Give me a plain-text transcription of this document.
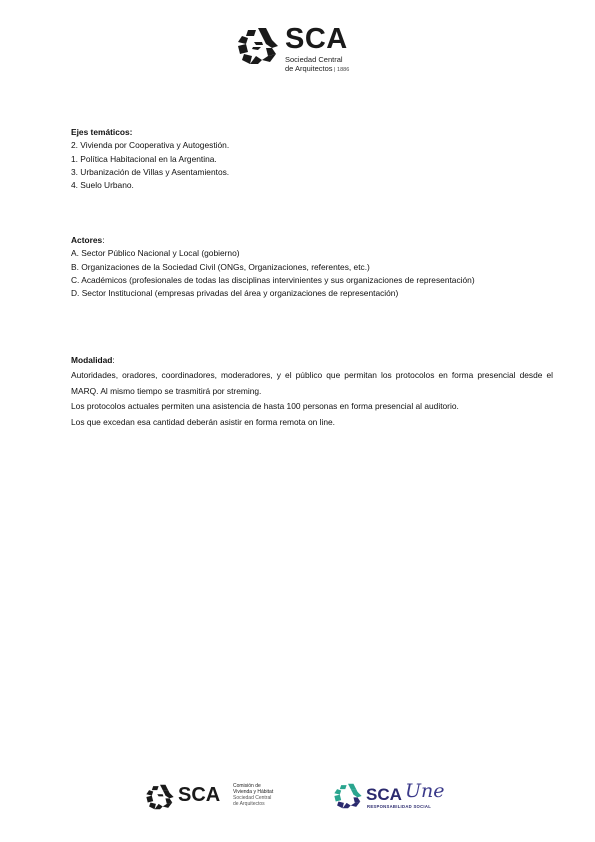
SCA
Sociedad Central
de Arquitectos | 1886
Ejes temáticos:
2. Vivienda por Cooperativa y Autogestión.
1. Política Habitacional en la Argentina.
3. Urbanización de Villas y Asentamientos.
4. Suelo Urbano.
Actores:
A. Sector Público Nacional y Local (gobierno)
B. Organizaciones de la Sociedad Civil (ONGs, Organizaciones, referentes, etc.)
C. Académicos (profesionales de todas las disciplinas intervinientes y sus organizaciones de representación)
D. Sector Institucional (empresas privadas del área y organizaciones de representación)
Modalidad:

Autoridades, oradores, coordinadores, moderadores, y el público que permitan los protocolos en forma presencial desde el MARQ. Al mismo tiempo se trasmitirá por streming.

Los protocolos actuales permiten una asistencia de hasta 100 personas en forma presencial al auditorio.

Los que excedan esa cantidad deberán asistir en forma remota on line.

SCA	Comisión de
Vivienda y Hábitat
Sociedad Central
de Arquitectos	SCA Une
RESPONSABILIDAD SOCIAL
